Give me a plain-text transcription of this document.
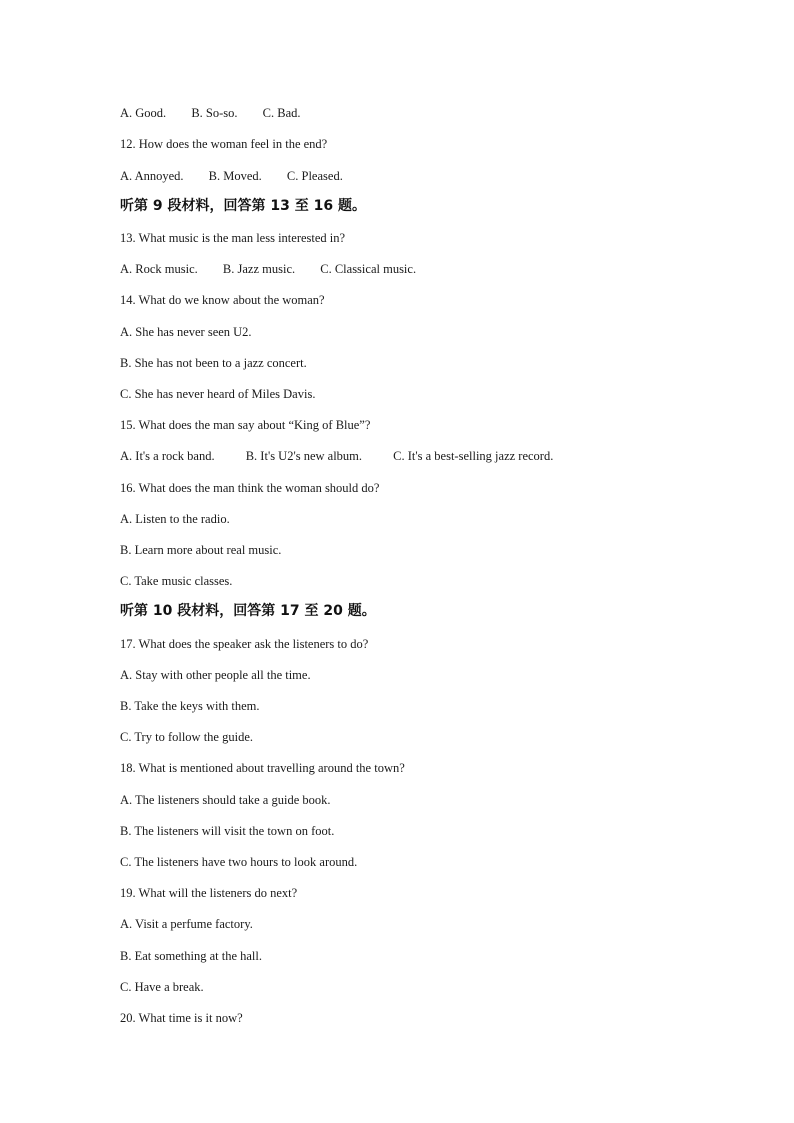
A. Good. B. So-so. C. Bad.
12. How does the woman feel in the end?
A. Annoyed. B. Moved. C. Pleased.
听第 9 段材料，回答第 13 至 16 题。
13. What music is the man less interested in?
A. Rock music. B. Jazz music. C. Classical music.
14. What do we know about the woman?
A. She has never seen U2.
B. She has not been to a jazz concert.
C. She has never heard of Miles Davis.
15. What does the man say about “King of Blue”?
A. It's a rock band. B. It's U2's new album. C. It's a best-selling jazz record.
16. What does the man think the woman should do?
A. Listen to the radio.
B. Learn more about real music.
C. Take music classes.
听第 10 段材料，回答第 17 至 20 题。
17. What does the speaker ask the listeners to do?
A. Stay with other people all the time.
B. Take the keys with them.
C. Try to follow the guide.
18. What is mentioned about travelling around the town?
A. The listeners should take a guide book.
B. The listeners will visit the town on foot.
C. The listeners have two hours to look around.
19. What will the listeners do next?
A. Visit a perfume factory.
B. Eat something at the hall.
C. Have a break.
20. What time is it now?
